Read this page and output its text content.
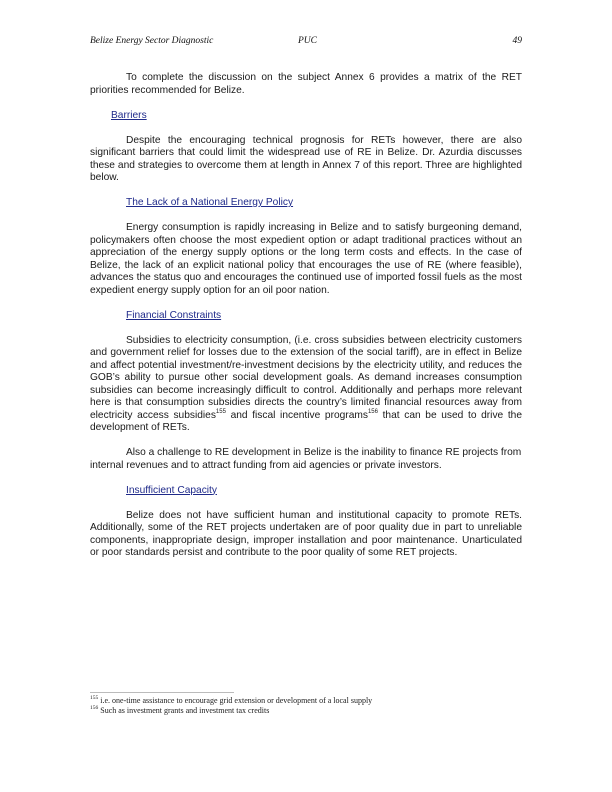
Belize Energy Sector Diagnostic	PUC	49

To complete the discussion on the subject Annex 6 provides a matrix of the RET priorities recommended for Belize.

Barriers

Despite the encouraging technical prognosis for RETs however, there are also significant barriers that could limit the widespread use of RE in Belize. Dr. Azurdia discusses these and strategies to overcome them at length in Annex 7 of this report. Three are highlighted below.

The Lack of a National Energy Policy

Energy consumption is rapidly increasing in Belize and to satisfy burgeoning demand, policymakers often choose the most expedient option or adapt traditional practices without an appreciation of the energy supply options or the long term costs and effects. In the case of Belize, the lack of an explicit national policy that encourages the use of RE (where feasible), advances the status quo and encourages the continued use of imported fossil fuels as the most expedient energy supply option for an oil poor nation.

Financial Constraints

Subsidies to electricity consumption, (i.e. cross subsidies between electricity customers and government relief for losses due to the extension of the social tariff), are in effect in Belize and affect potential investment/re-investment decisions by the electricity utility, and reduces the GOB’s ability to pursue other social development goals. As demand increases consumption subsidies can become increasingly difficult to control. Additionally and perhaps more relevant here is that consumption subsidies directs the country’s limited financial resources away from electricity access subsidies$^{155}$ and fiscal incentive programs$^{156}$ that can be used to drive the development of RETs.

Also a challenge to RE development in Belize is the inability to finance RE projects from internal revenues and to attract funding from aid agencies or private investors.

Insufficient Capacity

Belize does not have sufficient human and institutional capacity to promote RETs. Additionally, some of the RET projects undertaken are of poor quality due in part to unreliable components, inappropriate design, improper installation and poor maintenance. Unarticulated or poor standards persist and contribute to the poor quality of some RET projects.

$^{155}$ i.e. one-time assistance to encourage grid extension or development of a local supply
$^{156}$ Such as investment grants and investment tax credits
